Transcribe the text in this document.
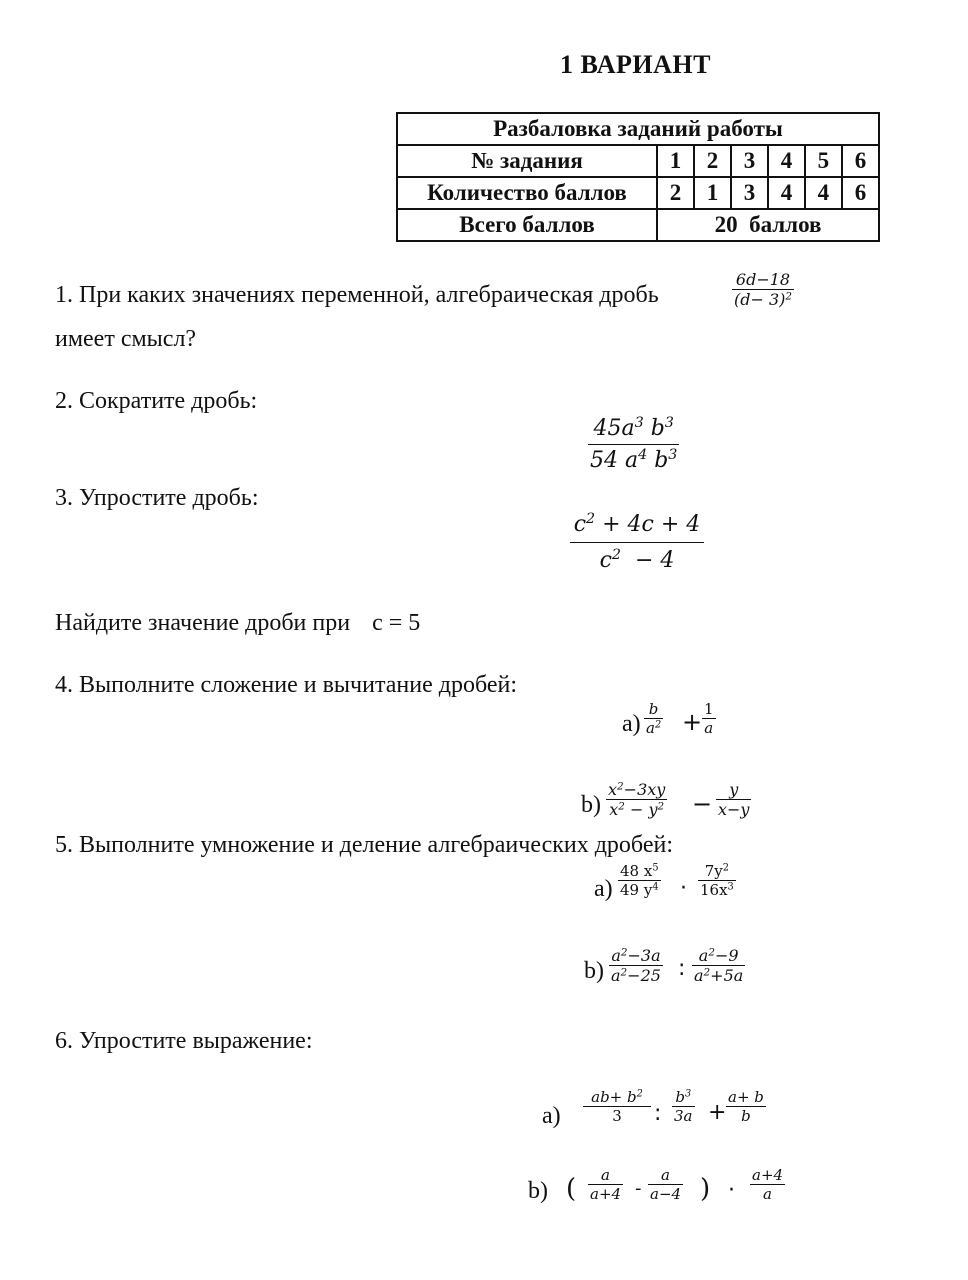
1 ВАРИАНТ
Разбаловка заданий работы						
№ задания	1	2	3	4	5	6
Количество баллов	2	1	3	4	4	6
Всего баллов	20  баллов					
1. При каких значениях переменной, алгебраическая дробь
6d−18
$(d- 3)^2$
имеет смысл?
2. Сократите дробь:
$45a^3$ $b^3$
54 $a^4$ $b^3$
3. Упростите дробь:
$c^2 + 4c + 4$
$c^2 - 4$
Найдите значение дроби при c = 5
4. Выполните сложение и вычитание дробей:
а)
b
$a^2 + 1$
a
b)
$x^2-3xy$
$x^2 - y^2$ −
y
x−y
5. Выполните умножение и деление алгебраических дробей:
а)
48 $x^5$
49 $y^4$ ·
$7y^2$
$16x^3$
b)
$a^2-3a$
$a^2-25$ :
$a^2-9$
$a^2+5a$
6. Упростите выражение:
а)
$ab+ b^2$
3 :
$b^3$
3a +
a+ b
b
b) ( a
a+4 -
a
a−4 ) ·
a+4
a
